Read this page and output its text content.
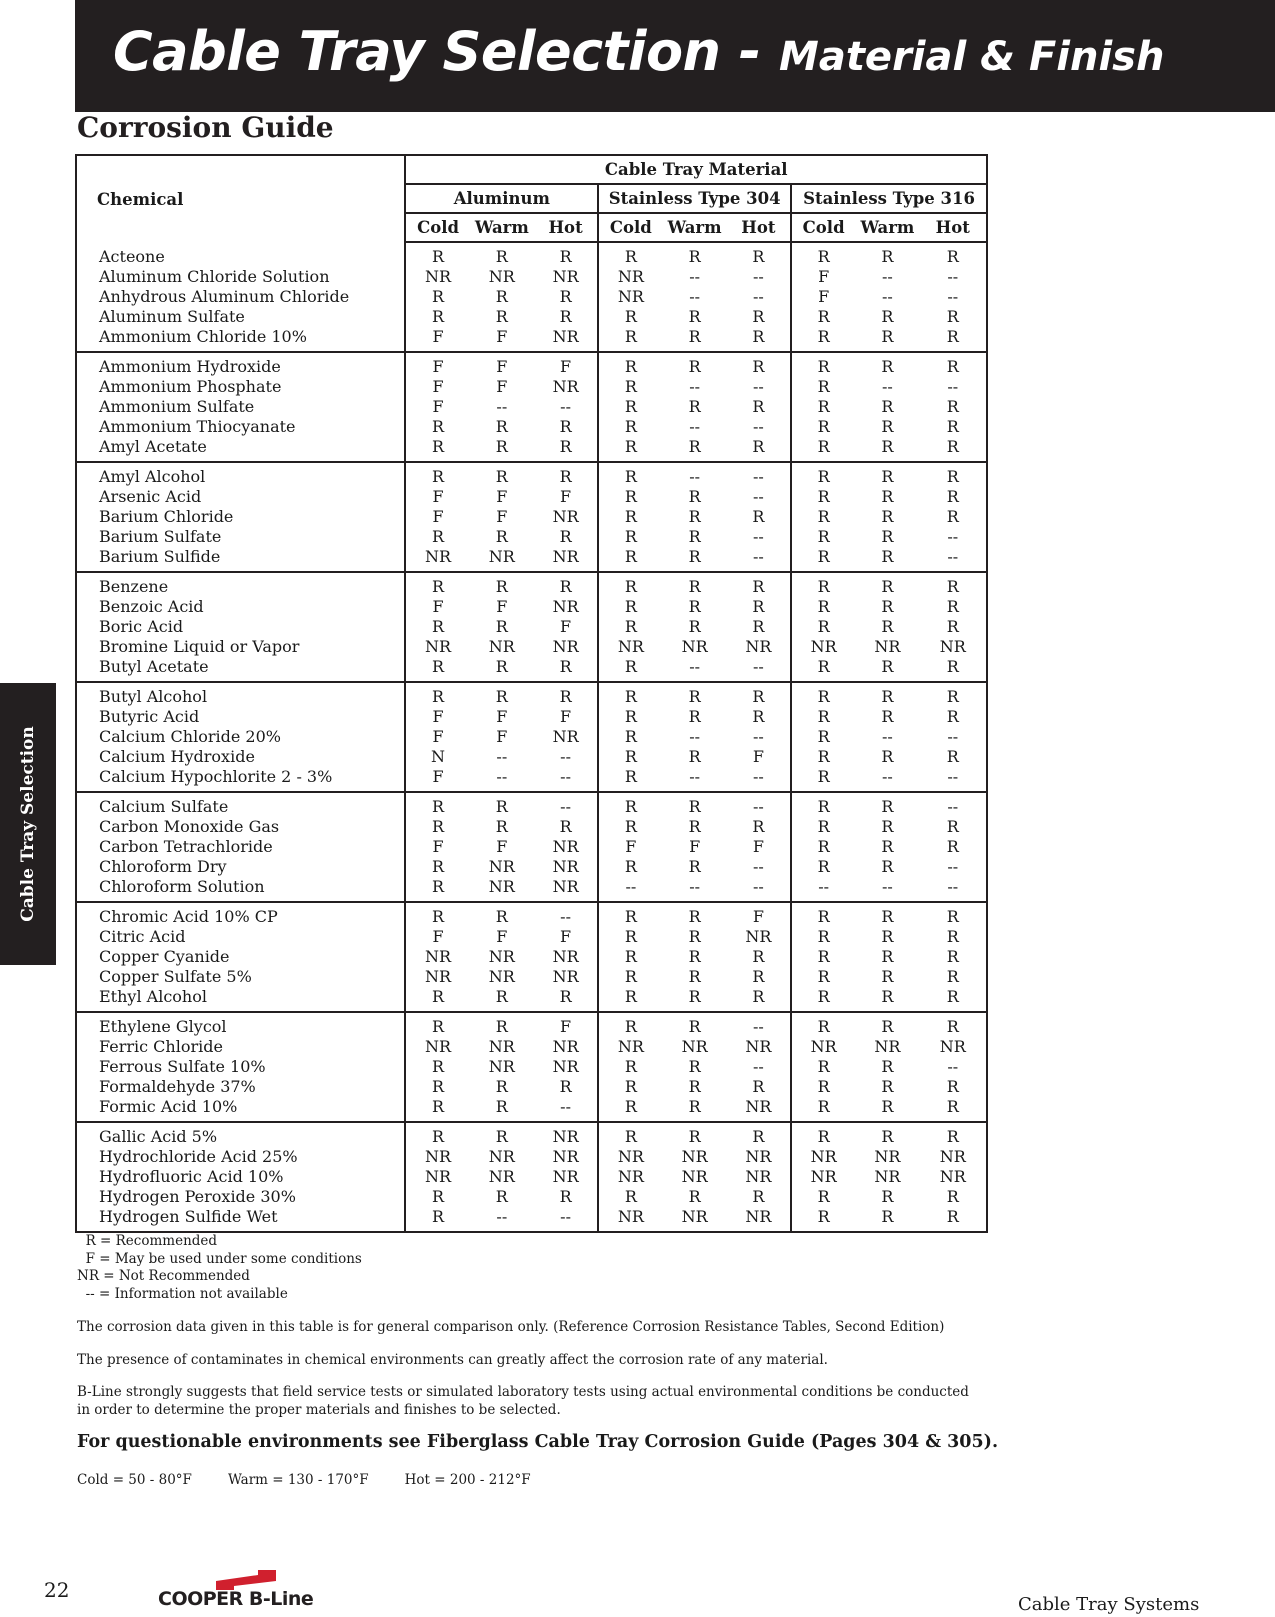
Cable Tray Selection - Material & Finish
Corrosion Guide
Cable Tray Selection
Chemical	Cable Tray Material								
	Aluminum			Stainless Type 304			Stainless Type 316		
	Cold	Warm	Hot	Cold	Warm	Hot	Cold	Warm	Hot
Acteone	R	R	R	R	R	R	R	R	R
Aluminum Chloride Solution	NR	NR	NR	NR	--	--	F	--	--
Anhydrous Aluminum Chloride	R	R	R	NR	--	--	F	--	--
Aluminum Sulfate	R	R	R	R	R	R	R	R	R
Ammonium Chloride 10%	F	F	NR	R	R	R	R	R	R
Ammonium Hydroxide	F	F	F	R	R	R	R	R	R
Ammonium Phosphate	F	F	NR	R	--	--	R	--	--
Ammonium Sulfate	F	--	--	R	R	R	R	R	R
Ammonium Thiocyanate	R	R	R	R	--	--	R	R	R
Amyl Acetate	R	R	R	R	R	R	R	R	R
Amyl Alcohol	R	R	R	R	--	--	R	R	R
Arsenic Acid	F	F	F	R	R	--	R	R	R
Barium Chloride	F	F	NR	R	R	R	R	R	R
Barium Sulfate	R	R	R	R	R	--	R	R	--
Barium Sulfide	NR	NR	NR	R	R	--	R	R	--
Benzene	R	R	R	R	R	R	R	R	R
Benzoic Acid	F	F	NR	R	R	R	R	R	R
Boric Acid	R	R	F	R	R	R	R	R	R
Bromine Liquid or Vapor	NR	NR	NR	NR	NR	NR	NR	NR	NR
Butyl Acetate	R	R	R	R	--	--	R	R	R
Butyl Alcohol	R	R	R	R	R	R	R	R	R
Butyric Acid	F	F	F	R	R	R	R	R	R
Calcium Chloride 20%	F	F	NR	R	--	--	R	--	--
Calcium Hydroxide	N	--	--	R	R	F	R	R	R
Calcium Hypochlorite 2 - 3%	F	--	--	R	--	--	R	--	--
Calcium Sulfate	R	R	--	R	R	--	R	R	--
Carbon Monoxide Gas	R	R	R	R	R	R	R	R	R
Carbon Tetrachloride	F	F	NR	F	F	F	R	R	R
Chloroform Dry	R	NR	NR	R	R	--	R	R	--
Chloroform Solution	R	NR	NR	--	--	--	--	--	--
Chromic Acid 10% CP	R	R	--	R	R	F	R	R	R
Citric Acid	F	F	F	R	R	NR	R	R	R
Copper Cyanide	NR	NR	NR	R	R	R	R	R	R
Copper Sulfate 5%	NR	NR	NR	R	R	R	R	R	R
Ethyl Alcohol	R	R	R	R	R	R	R	R	R
Ethylene Glycol	R	R	F	R	R	--	R	R	R
Ferric Chloride	NR	NR	NR	NR	NR	NR	NR	NR	NR
Ferrous Sulfate 10%	R	NR	NR	R	R	--	R	R	--
Formaldehyde 37%	R	R	R	R	R	R	R	R	R
Formic Acid 10%	R	R	--	R	R	NR	R	R	R
Gallic Acid 5%	R	R	NR	R	R	R	R	R	R
Hydrochloride Acid 25%	NR	NR	NR	NR	NR	NR	NR	NR	NR
Hydrofluoric Acid 10%	NR	NR	NR	NR	NR	NR	NR	NR	NR
Hydrogen Peroxide 30%	R	R	R	R	R	R	R	R	R
Hydrogen Sulfide Wet	R	--	--	NR	NR	NR	R	R	R
R = Recommended
F = May be used under some conditions
NR = Not Recommended
-- = Information not available
The corrosion data given in this table is for general comparison only. (Reference Corrosion Resistance Tables, Second Edition)
The presence of contaminates in chemical environments can greatly affect the corrosion rate of any material.
B-Line strongly suggests that field service tests or simulated laboratory tests using actual environmental conditions be conducted in order to determine the proper materials and finishes to be selected.
For questionable environments see Fiberglass Cable Tray Corrosion Guide (Pages 304 & 305).
Cold = 50 - 80°F	Warm = 130 - 170°F	Hot = 200 - 212°F
22	COOPER B-Line	Cable Tray Systems
